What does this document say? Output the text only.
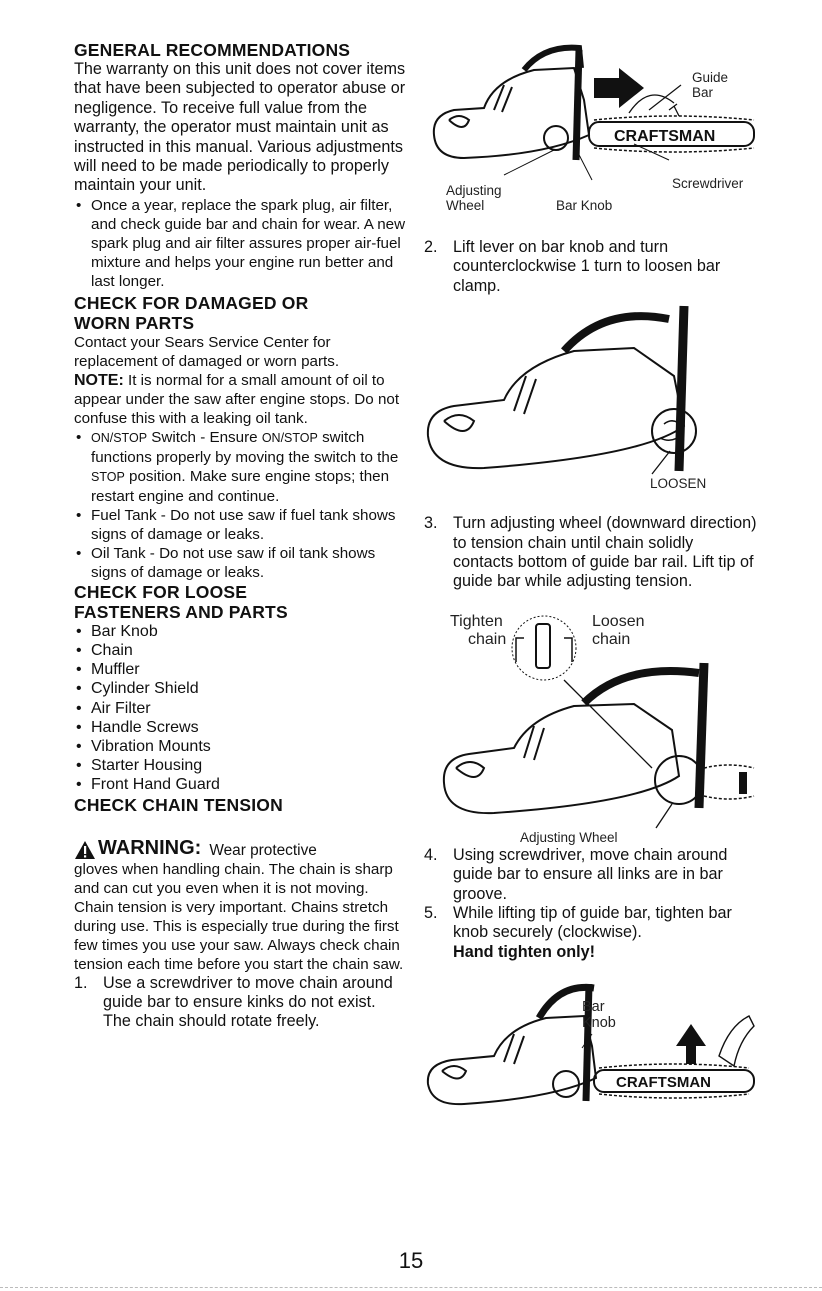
GENERAL RECOMMENDATIONS

The warranty on this unit does not cover items that have been subjected to operator abuse or negligence. To receive full value from the warranty, the operator must maintain unit as instructed in this manual. Various adjustments will need to be made periodically to properly maintain your unit.

• Once a year, replace the spark plug, air filter, and check guide bar and chain for wear. A new spark plug and air filter assures proper air-fuel mixture and helps your engine run better and last longer.
CHECK FOR DAMAGED OR
WORN PARTS

Contact your Sears Service Center for replacement of damaged or worn parts.

NOTE: It is normal for a small amount of oil to appear under the saw after engine stops. Do not confuse this with a leaking oil tank.

• ON/STOP Switch - Ensure ON/STOP switch functions properly by moving the switch to the STOP position. Make sure engine stops; then restart engine and continue.
• Fuel Tank - Do not use saw if fuel tank shows signs of damage or leaks.
• Oil Tank - Do not use saw if oil tank shows signs of damage or leaks.
CHECK FOR LOOSE
FASTENERS AND PARTS
• Bar Knob
• Chain
• Muffler
• Cylinder Shield
• Air Filter
• Handle Screws
• Vibration Mounts
• Starter Housing
• Front Hand Guard
CHECK CHAIN TENSION
WARNING: Wear protective

gloves when handling chain. The chain is sharp and can cut you even when it is not moving.

Chain tension is very important. Chains stretch during use. This is especially true during the first few times you use your saw. Always check chain tension each time before you start the chain saw.

1. Use a screwdriver to move chain around guide bar to ensure kinks do not exist. The chain should rotate freely.
CRAFTSMAN
Guide
Bar
Screwdriver
Adjusting
Wheel	Bar Knob
2. Lift lever on bar knob and turn counterclockwise 1 turn to loosen bar clamp.
LOOSEN
3. Turn adjusting wheel (downward direction) to tension chain until chain solidly contacts bottom of guide bar rail. Lift tip of guide bar while adjusting tension.
Tighten
chain
Loosen
chain
Adjusting Wheel
4. Using screwdriver, move chain around guide bar to ensure all links are in bar groove.
5. While lifting tip of guide bar, tighten bar knob securely (clockwise).
Hand tighten only!
CRAFTSMAN
Bar
Knob
15
